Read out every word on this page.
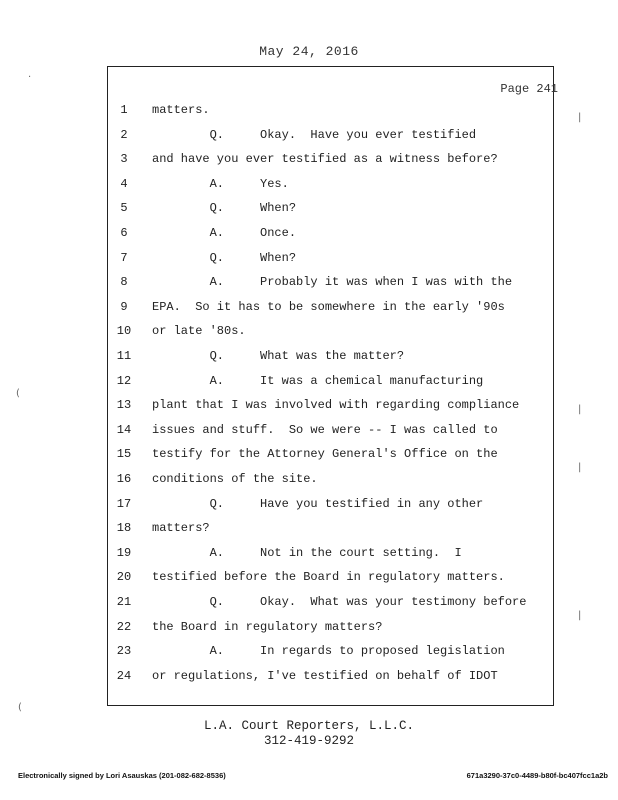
May 24, 2016
Page 241
1	matters.
2	Q.     Okay.  Have you ever testified
3	and have you ever testified as a witness before?
4	A.     Yes.
5	Q.     When?
6	A.     Once.
7	Q.     When?
8	A.     Probably it was when I was with the
9	EPA.  So it has to be somewhere in the early '90s
10	or late '80s.
11	Q.     What was the matter?
12	A.     It was a chemical manufacturing
13	plant that I was involved with regarding compliance
14	issues and stuff.  So we were -- I was called to
15	testify for the Attorney General's Office on the
16	conditions of the site.
17	Q.     Have you testified in any other
18	matters?
19	A.     Not in the court setting.  I
20	testified before the Board in regulatory matters.
21	Q.     Okay.  What was your testimony before
22	the Board in regulatory matters?
23	A.     In regards to proposed legislation
24	or regulations, I've testified on behalf of IDOT
L.A. Court Reporters, L.L.C.
312-419-9292
Electronically signed by Lori Asauskas (201-082-682-8536)	671a3290-37c0-4489-b80f-bc407fcc1a2b
·
(
(
|
|
|
|
